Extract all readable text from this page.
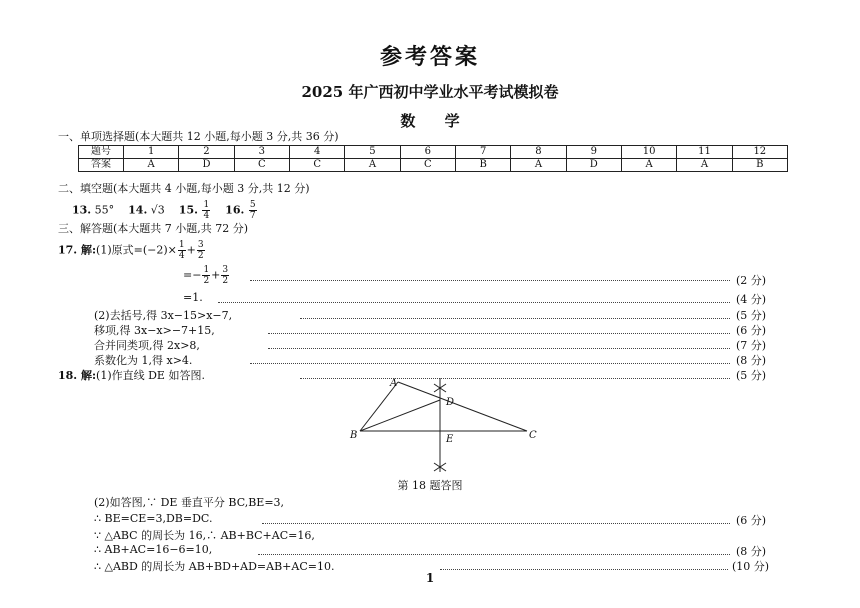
参考答案
2025 年广西初中学业水平考试模拟卷
数 学
一、单项选择题(本大题共 12 小题,每小题 3 分,共 36 分)
题号	1	2	3	4	5	6	7	8	9	10	11	12
答案	A	D	C	C	A	C	B	A	D	A	A	B
二、填空题(本大题共 4 小题,每小题 3 分,共 12 分)
13. 55° 14. √3 15. $\frac{1}{4} 16$. $\frac{5}{7}$
三、解答题(本大题共 7 小题,共 72 分)
17. 解:(1)原式$=(-2)\times \frac{1}{4} + \frac{3}{2}$
=− $\frac{1}{2} + \frac{3}{2}$	(2 分)
=1.	(4 分)
(2)去括号,得 3x−15>x−7,	(5 分)
移项,得 3x−x>−7+15,	(6 分)
合并同类项,得 2x>8,	(7 分)
系数化为 1,得 x>4.	(8 分)
18. 解:(1)作直线 DE 如答图.	(5 分)
A
B	C
D
E
第 18 题答图
(2)如答图,∵ DE 垂直平分 BC,BE=3,
∴ BE=CE=3,DB=DC.	(6 分)
∵ △ABC 的周长为 16,∴ AB+BC+AC=16,
∴ AB+AC=16−6=10,	(8 分)
∴ △ABD 的周长为 AB+BD+AD=AB+AC=10.	(10 分)
1
